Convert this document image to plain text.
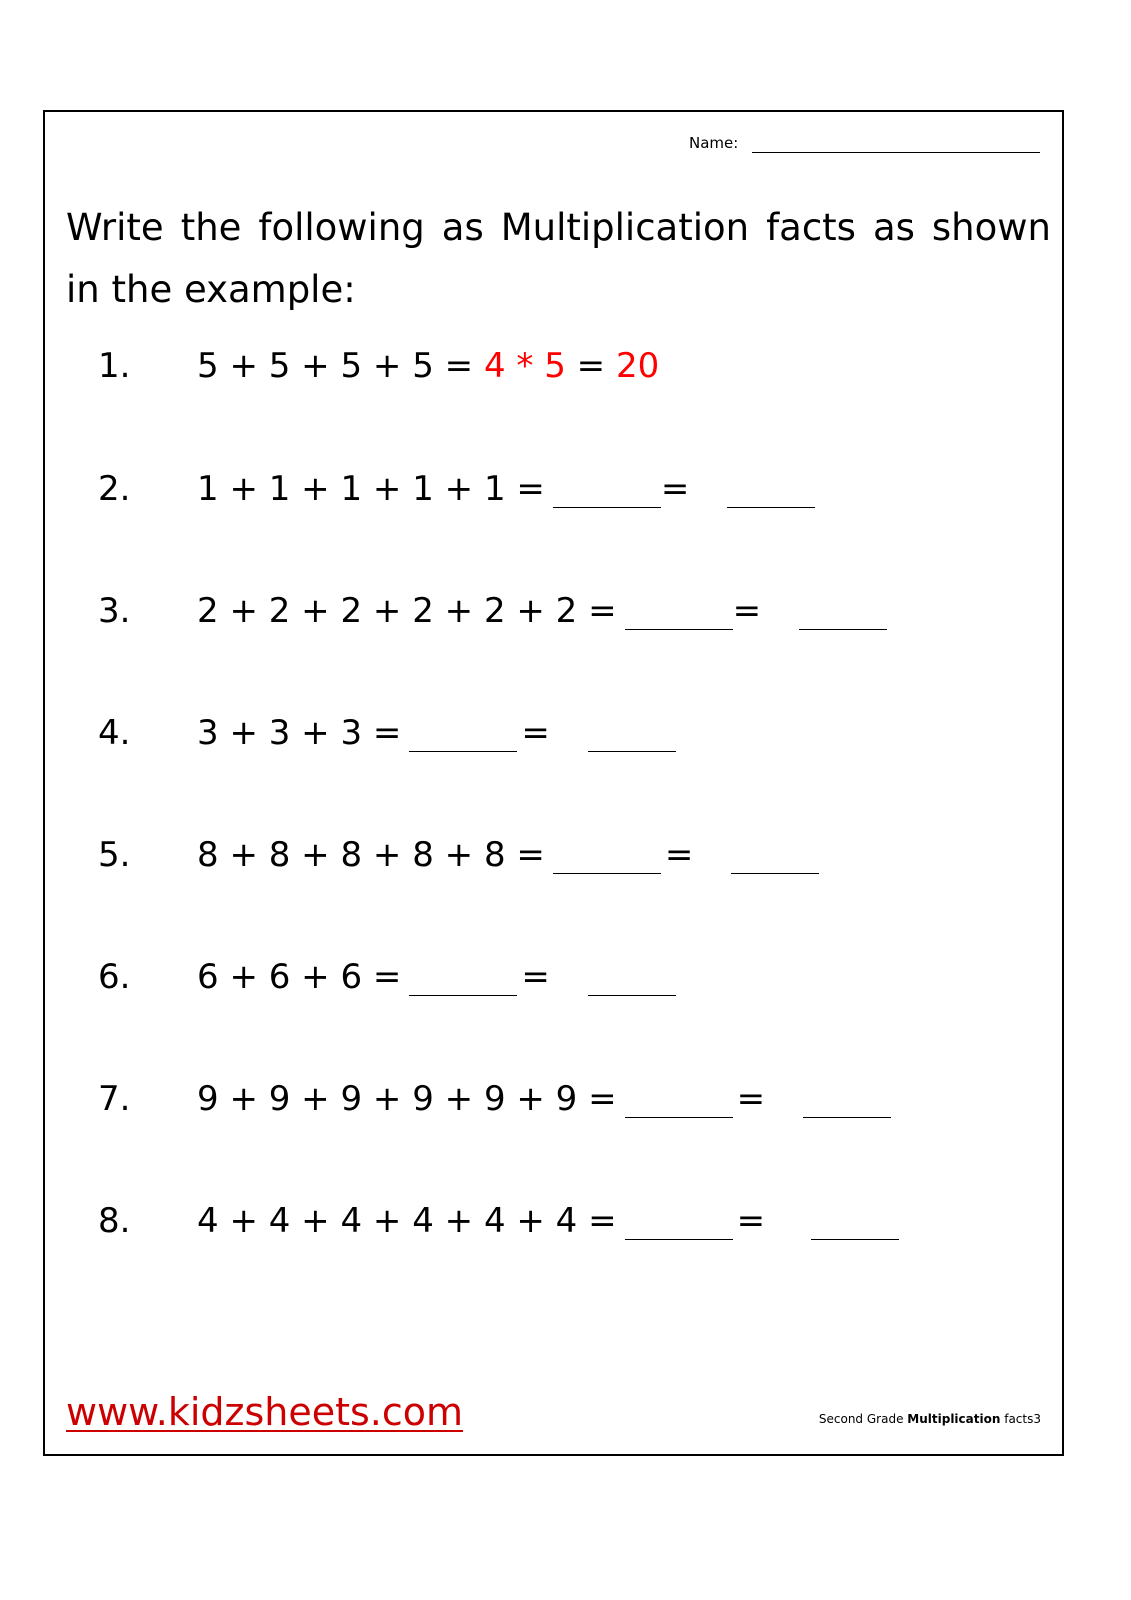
Name:

Write the following as Multiplication facts as shown in the example:

1.	5 + 5 + 5 + 5 = 4 * 5 = 20
2.	1 + 1 + 1 + 1 + 1 =	=
3.	2 + 2 + 2 + 2 + 2 + 2 =	=
4.	3 + 3 + 3 =	=
5.	8 + 8 + 8 + 8 + 8 =	=
6.	6 + 6 + 6 =	=
7.	9 + 9 + 9 + 9 + 9 + 9 =	=
8.	4 + 4 + 4 + 4 + 4 + 4 =	=
www.kidzsheets.com	Second Grade Multiplication facts3
